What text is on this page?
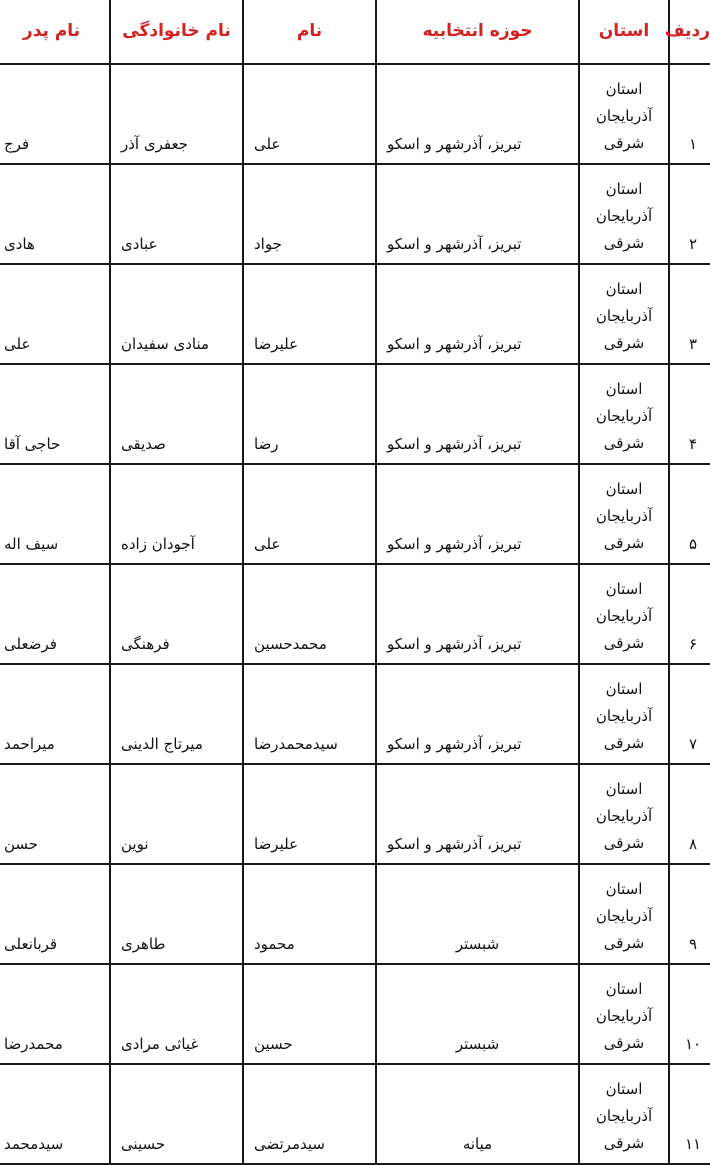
ردیف	استان	حوزه انتخابیه	نام	نام خانوادگی	نام پدر
۱	استان آذربایجان شرقی	تبریز، آذرشهر و اسکو	علی	جعفری آذر	فرج
۲	استان آذربایجان شرقی	تبریز، آذرشهر و اسکو	جواد	عبادی	هادی
۳	استان آذربایجان شرقی	تبریز، آذرشهر و اسکو	علیرضا	منادی سفیدان	علی
۴	استان آذربایجان شرقی	تبریز، آذرشهر و اسکو	رضا	صدیقی	حاجی آقا
۵	استان آذربایجان شرقی	تبریز، آذرشهر و اسکو	علی	آجودان زاده	سیف اله
۶	استان آذربایجان شرقی	تبریز، آذرشهر و اسکو	محمدحسین	فرهنگی	فرضعلی
۷	استان آذربایجان شرقی	تبریز، آذرشهر و اسکو	سیدمحمدرضا	میرتاج الدینی	میراحمد
۸	استان آذربایجان شرقی	تبریز، آذرشهر و اسکو	علیرضا	نوین	حسن
۹	استان آذربایجان شرقی	شبستر	محمود	طاهری	قربانعلی
۱۰	استان آذربایجان شرقی	شبستر	حسین	غیاثی مرادی	محمدرضا
۱۱	استان آذربایجان شرقی	میانه	سیدمرتضی	حسینی	سیدمحمد
